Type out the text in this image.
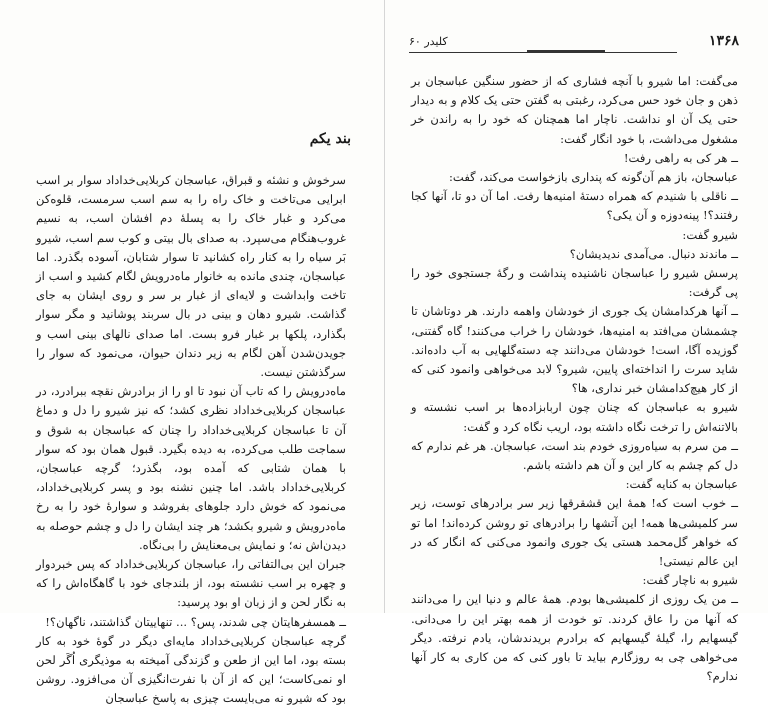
بند یکم

سرخوش و نشئه و قبراق، عباسجان کربلایی‌خداداد سوار بر اسب ابرایی می‌تاخت و خاک راه را به سم اسب سرمست، قلوه‌کن می‌کرد و غبار خاک را به پسلهٔ دم افشان اسب، به نسیم غروب‌هنگام می‌سپرد. به صدای بال بیتی و کوب سم اسب، شیرو بَر سیاه را به کنار راه کشانید تا سوار شتابان، آسوده بگذرد. اما عباسجان، چندی مانده به خانوار ماه‌درویش لگام کشید و اسب از تاخت وابداشت و لایه‌ای از غبار بر سر و روی ایشان به جای گذاشت. شیرو دهان و بینی در بال سربند پوشانید و مگر سوار بگذارد، پلکها بر غبار فرو بست. اما صدای نالهای بینی اسب و جویدن‌شدن آهن لگام به زیر دندان حیوان، می‌نمود که سوار را سرگذشتن نیست.

ماه‌درویش را که تاب آن نبود تا او را از برادرش نقچه ببرادرد، در عباسجان کربلایی‌خداداد نظری کشد؛ که نیز شیرو را دل و دماغ آن تا عباسجان کربلایی‌خداداد را چنان که عباسجان به شوق و سماجت طلب می‌کرده، به دیده بگیرد. قبول همان بود که سوار با همان شتابی که آمده بود، بگذرد؛ گرچه عباسجان، کربلایی‌خداداد باشد. اما چنین نشنه بود و پسر کربلایی‌خداداد، می‌نمود که خوش دارد جلوهای بفروشد و سوارهٔ خود را به رخ ماه‌درویش و شیرو بکشد؛ هر چند ایشان را دل و چشم حوصله به دیدن‌اش نه؛ و نمایش بی‌معنایش را بی‌نگاه.

جبران این بی‌التفاتی را، عباسجان کربلایی‌خداداد که پس خبردوار و چهره بر اسب نشسته بود، از بلندجای خود با گاهگاه‌اش را که به نگار لحن و از زبان او بود پرسید:

ــ همسفرها‌یتان چی شدند، پس؟ ... تنهاییتان گذاشتند، ناگهان؟!

گرچه عباسجان کربلایی‌خداداد مایه‌ای دیگر در گوهٔ خود به کار بسته بود، اما این از طعن و گزندگی آمیخته به موذیگری اُگَر لحن او نمی‌کاست؛ این که از آن با نفرت‌انگیزی آن می‌افزود. روشن بود که شیرو نه می‌بایست چیزی به پاسخ عباسجان

۱۳۶۸
کلیدر ۶۰

می‌گفت: اما شیرو با آنچه فشاری که از حضور سنگین عباسجان بر ذهن و جان خود حس می‌کرد، رغبتی به گفتن حتی یک کلام و به دیدار حتی یک آن او نداشت. ناچار اما همچنان که خود را به راندن خر مشغول می‌داشت، با خود انگار گفت:

ــ هر کی به راهی رفت!

عباسجان، باز هم آن‌گونه که پنداری بازخواست می‌کند، گفت:

ــ ناقلی با شنیدم که همراه دستهٔ امنیه‌ها رفت. اما آن دو تا، آنها کجا رفتند؟! پینه‌دوزه و آن یکی؟

شیرو گفت:

ــ ماندند دنبال. می‌آمدی ندیدیشان؟

پرسش شیرو را عباسجان ناشنیده پنداشت و رگهٔ جستجوی خود را پی گرفت:

ــ آنها هرکدامشان یک جوری از خودشان واهمه دارند. هر دوتاشان تا چشمشان می‌افتد به امنیه‌ها، خودشان را خراب می‌کنند! گاه گفتنی، گوزیده آگا، است! خودشان می‌دانند چه دسته‌گلهایی به آب داده‌اند. شاید سرت را انداخته‌ای پایین، شیرو؟ لابد می‌خواهی وانمود کنی که از کار هیچ‌کدامشان خبر نداری، ها؟

شیرو به عباسجان که چنان چون اربابزاده‌ها بر اسب نشسته و بالاتنه‌اش را ترخت نگاه داشته بود، اریب نگاه کرد و گفت:

ــ من سرم به سیاه‌روزی خودم بند است، عباسجان. هر غم ندارم که دل کم چشم به کار این و آن هم داشته باشم.

عباسجان به کنایه گفت:

ــ خوب است که! همهٔ این قشقرقها زیر سر برادرهای توست، زیر سر کلمیشی‌ها همه! این آتشها را برادرهای تو روشن کرده‌اند! اما تو که خواهر گل‌محمد هستی یک جوری وانمود می‌کنی که انگار که در این عالم نیستی!

شیرو به ناچار گفت:

ــ من یک روزی از کلمیشی‌ها بودم. همهٔ عالم و دنیا این را می‌دانند که آنها من را عاق کردند. تو خودت از همه بهتر این را می‌دانی. گیسهایم را، گیلهٔ گیسهایم که برادرم بریدندشان، یادم نرفته. دیگر می‌خواهی چی به روزگارم بیاید تا باور کنی که من کاری به کار آنها ندارم؟
